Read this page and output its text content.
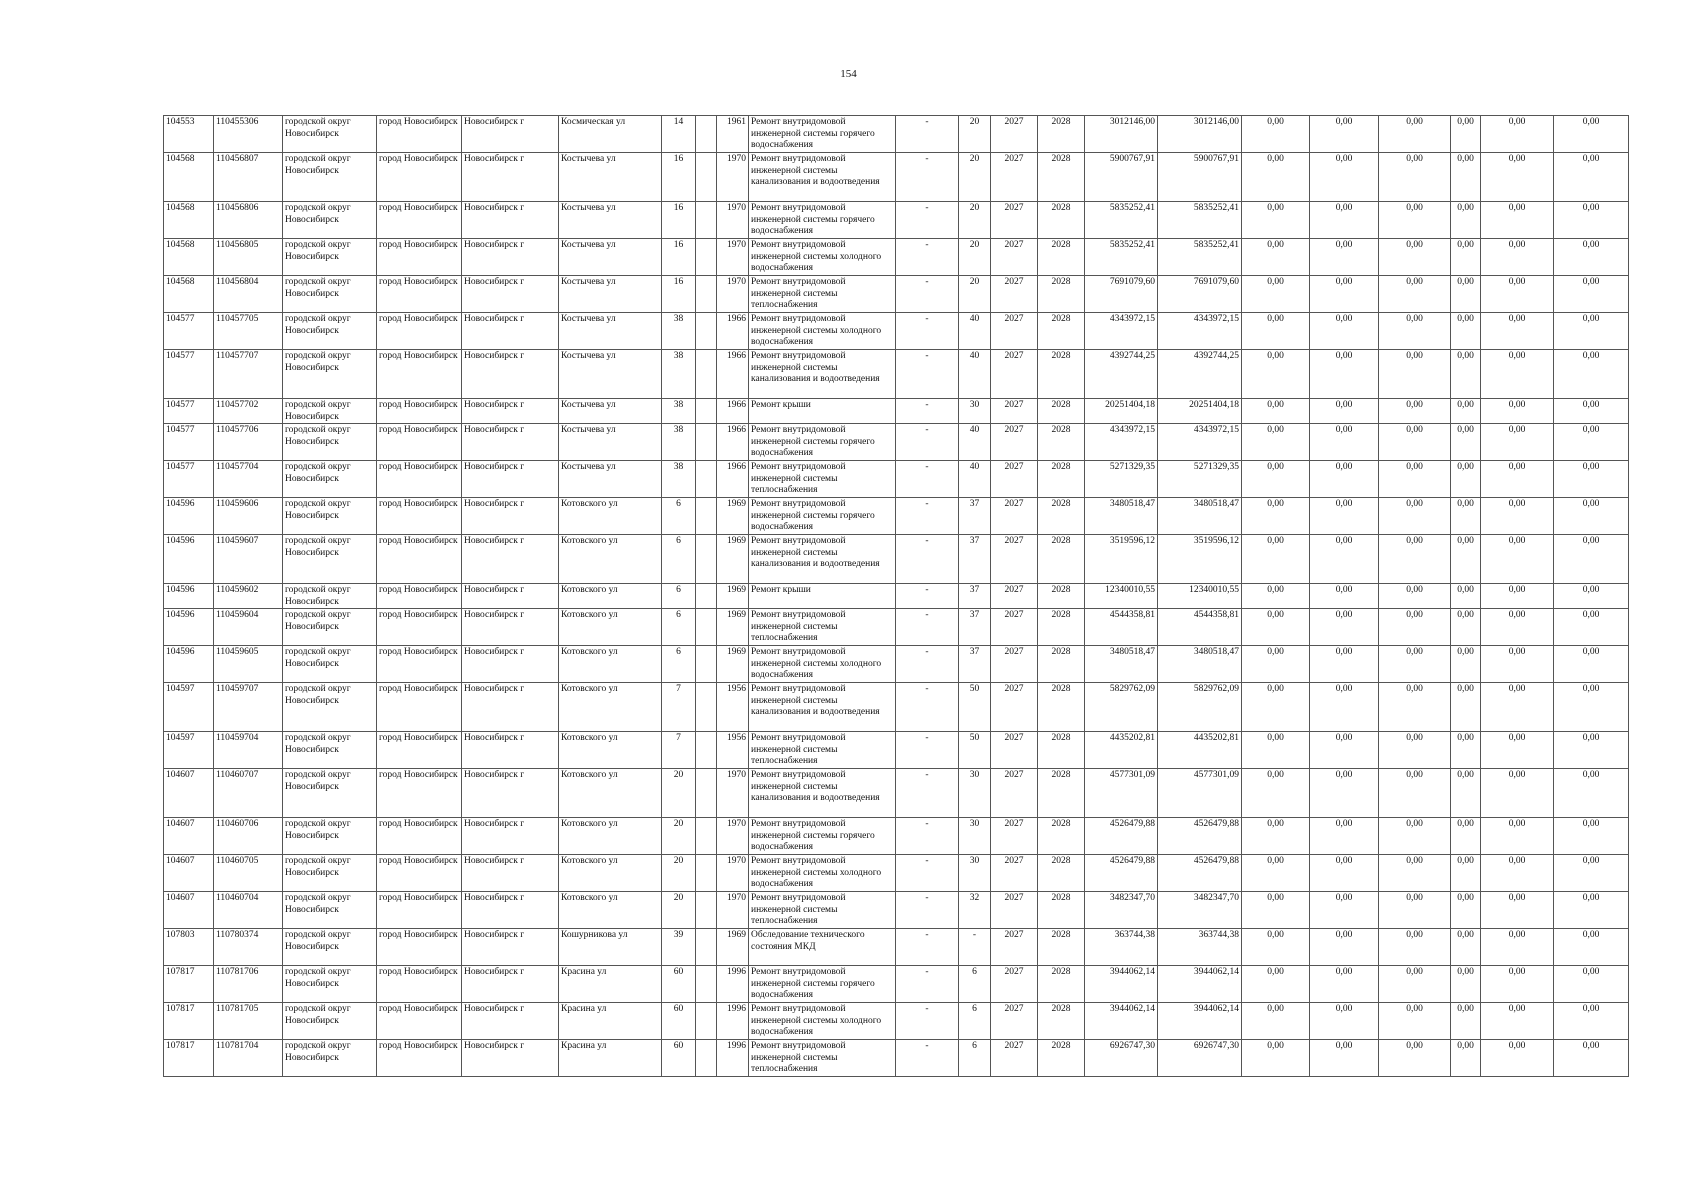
154
104553	110455306	городской округ Новосибирск	город Новосибирск	Новосибирск г	Космическая ул	14		1961	Ремонт внутридомовой инженерной системы горячего водоснабжения	-	20	2027	2028	3012146,00	3012146,00	0,00	0,00	0,00	0,00	0,00	0,00
104568	110456807	городской округ Новосибирск	город Новосибирск	Новосибирск г	Костычева ул	16		1970	Ремонт внутридомовой инженерной системы канализования и водоотведения	-	20	2027	2028	5900767,91	5900767,91	0,00	0,00	0,00	0,00	0,00	0,00
104568	110456806	городской округ Новосибирск	город Новосибирск	Новосибирск г	Костычева ул	16		1970	Ремонт внутридомовой инженерной системы горячего водоснабжения	-	20	2027	2028	5835252,41	5835252,41	0,00	0,00	0,00	0,00	0,00	0,00
104568	110456805	городской округ Новосибирск	город Новосибирск	Новосибирск г	Костычева ул	16		1970	Ремонт внутридомовой инженерной системы холодного водоснабжения	-	20	2027	2028	5835252,41	5835252,41	0,00	0,00	0,00	0,00	0,00	0,00
104568	110456804	городской округ Новосибирск	город Новосибирск	Новосибирск г	Костычева ул	16		1970	Ремонт внутридомовой инженерной системы теплоснабжения	-	20	2027	2028	7691079,60	7691079,60	0,00	0,00	0,00	0,00	0,00	0,00
104577	110457705	городской округ Новосибирск	город Новосибирск	Новосибирск г	Костычева ул	38		1966	Ремонт внутридомовой инженерной системы холодного водоснабжения	-	40	2027	2028	4343972,15	4343972,15	0,00	0,00	0,00	0,00	0,00	0,00
104577	110457707	городской округ Новосибирск	город Новосибирск	Новосибирск г	Костычева ул	38		1966	Ремонт внутридомовой инженерной системы канализования и водоотведения	-	40	2027	2028	4392744,25	4392744,25	0,00	0,00	0,00	0,00	0,00	0,00
104577	110457702	городской округ Новосибирск	город Новосибирск	Новосибирск г	Костычева ул	38		1966	Ремонт крыши	-	30	2027	2028	20251404,18	20251404,18	0,00	0,00	0,00	0,00	0,00	0,00
104577	110457706	городской округ Новосибирск	город Новосибирск	Новосибирск г	Костычева ул	38		1966	Ремонт внутридомовой инженерной системы горячего водоснабжения	-	40	2027	2028	4343972,15	4343972,15	0,00	0,00	0,00	0,00	0,00	0,00
104577	110457704	городской округ Новосибирск	город Новосибирск	Новосибирск г	Костычева ул	38		1966	Ремонт внутридомовой инженерной системы теплоснабжения	-	40	2027	2028	5271329,35	5271329,35	0,00	0,00	0,00	0,00	0,00	0,00
104596	110459606	городской округ Новосибирск	город Новосибирск	Новосибирск г	Котовского ул	6		1969	Ремонт внутридомовой инженерной системы горячего водоснабжения	-	37	2027	2028	3480518,47	3480518,47	0,00	0,00	0,00	0,00	0,00	0,00
104596	110459607	городской округ Новосибирск	город Новосибирск	Новосибирск г	Котовского ул	6		1969	Ремонт внутридомовой инженерной системы канализования и водоотведения	-	37	2027	2028	3519596,12	3519596,12	0,00	0,00	0,00	0,00	0,00	0,00
104596	110459602	городской округ Новосибирск	город Новосибирск	Новосибирск г	Котовского ул	6		1969	Ремонт крыши	-	37	2027	2028	12340010,55	12340010,55	0,00	0,00	0,00	0,00	0,00	0,00
104596	110459604	городской округ Новосибирск	город Новосибирск	Новосибирск г	Котовского ул	6		1969	Ремонт внутридомовой инженерной системы теплоснабжения	-	37	2027	2028	4544358,81	4544358,81	0,00	0,00	0,00	0,00	0,00	0,00
104596	110459605	городской округ Новосибирск	город Новосибирск	Новосибирск г	Котовского ул	6		1969	Ремонт внутридомовой инженерной системы холодного водоснабжения	-	37	2027	2028	3480518,47	3480518,47	0,00	0,00	0,00	0,00	0,00	0,00
104597	110459707	городской округ Новосибирск	город Новосибирск	Новосибирск г	Котовского ул	7		1956	Ремонт внутридомовой инженерной системы канализования и водоотведения	-	50	2027	2028	5829762,09	5829762,09	0,00	0,00	0,00	0,00	0,00	0,00
104597	110459704	городской округ Новосибирск	город Новосибирск	Новосибирск г	Котовского ул	7		1956	Ремонт внутридомовой инженерной системы теплоснабжения	-	50	2027	2028	4435202,81	4435202,81	0,00	0,00	0,00	0,00	0,00	0,00
104607	110460707	городской округ Новосибирск	город Новосибирск	Новосибирск г	Котовского ул	20		1970	Ремонт внутридомовой инженерной системы канализования и водоотведения	-	30	2027	2028	4577301,09	4577301,09	0,00	0,00	0,00	0,00	0,00	0,00
104607	110460706	городской округ Новосибирск	город Новосибирск	Новосибирск г	Котовского ул	20		1970	Ремонт внутридомовой инженерной системы горячего водоснабжения	-	30	2027	2028	4526479,88	4526479,88	0,00	0,00	0,00	0,00	0,00	0,00
104607	110460705	городской округ Новосибирск	город Новосибирск	Новосибирск г	Котовского ул	20		1970	Ремонт внутридомовой инженерной системы холодного водоснабжения	-	30	2027	2028	4526479,88	4526479,88	0,00	0,00	0,00	0,00	0,00	0,00
104607	110460704	городской округ Новосибирск	город Новосибирск	Новосибирск г	Котовского ул	20		1970	Ремонт внутридомовой инженерной системы теплоснабжения	-	32	2027	2028	3482347,70	3482347,70	0,00	0,00	0,00	0,00	0,00	0,00
107803	110780374	городской округ Новосибирск	город Новосибирск	Новосибирск г	Кошурникова ул	39		1969	Обследование технического состояния МКД	-	-	2027	2028	363744,38	363744,38	0,00	0,00	0,00	0,00	0,00	0,00
107817	110781706	городской округ Новосибирск	город Новосибирск	Новосибирск г	Красина ул	60		1996	Ремонт внутридомовой инженерной системы горячего водоснабжения	-	6	2027	2028	3944062,14	3944062,14	0,00	0,00	0,00	0,00	0,00	0,00
107817	110781705	городской округ Новосибирск	город Новосибирск	Новосибирск г	Красина ул	60		1996	Ремонт внутридомовой инженерной системы холодного водоснабжения	-	6	2027	2028	3944062,14	3944062,14	0,00	0,00	0,00	0,00	0,00	0,00
107817	110781704	городской округ Новосибирск	город Новосибирск	Новосибирск г	Красина ул	60		1996	Ремонт внутридомовой инженерной системы теплоснабжения	-	6	2027	2028	6926747,30	6926747,30	0,00	0,00	0,00	0,00	0,00	0,00
